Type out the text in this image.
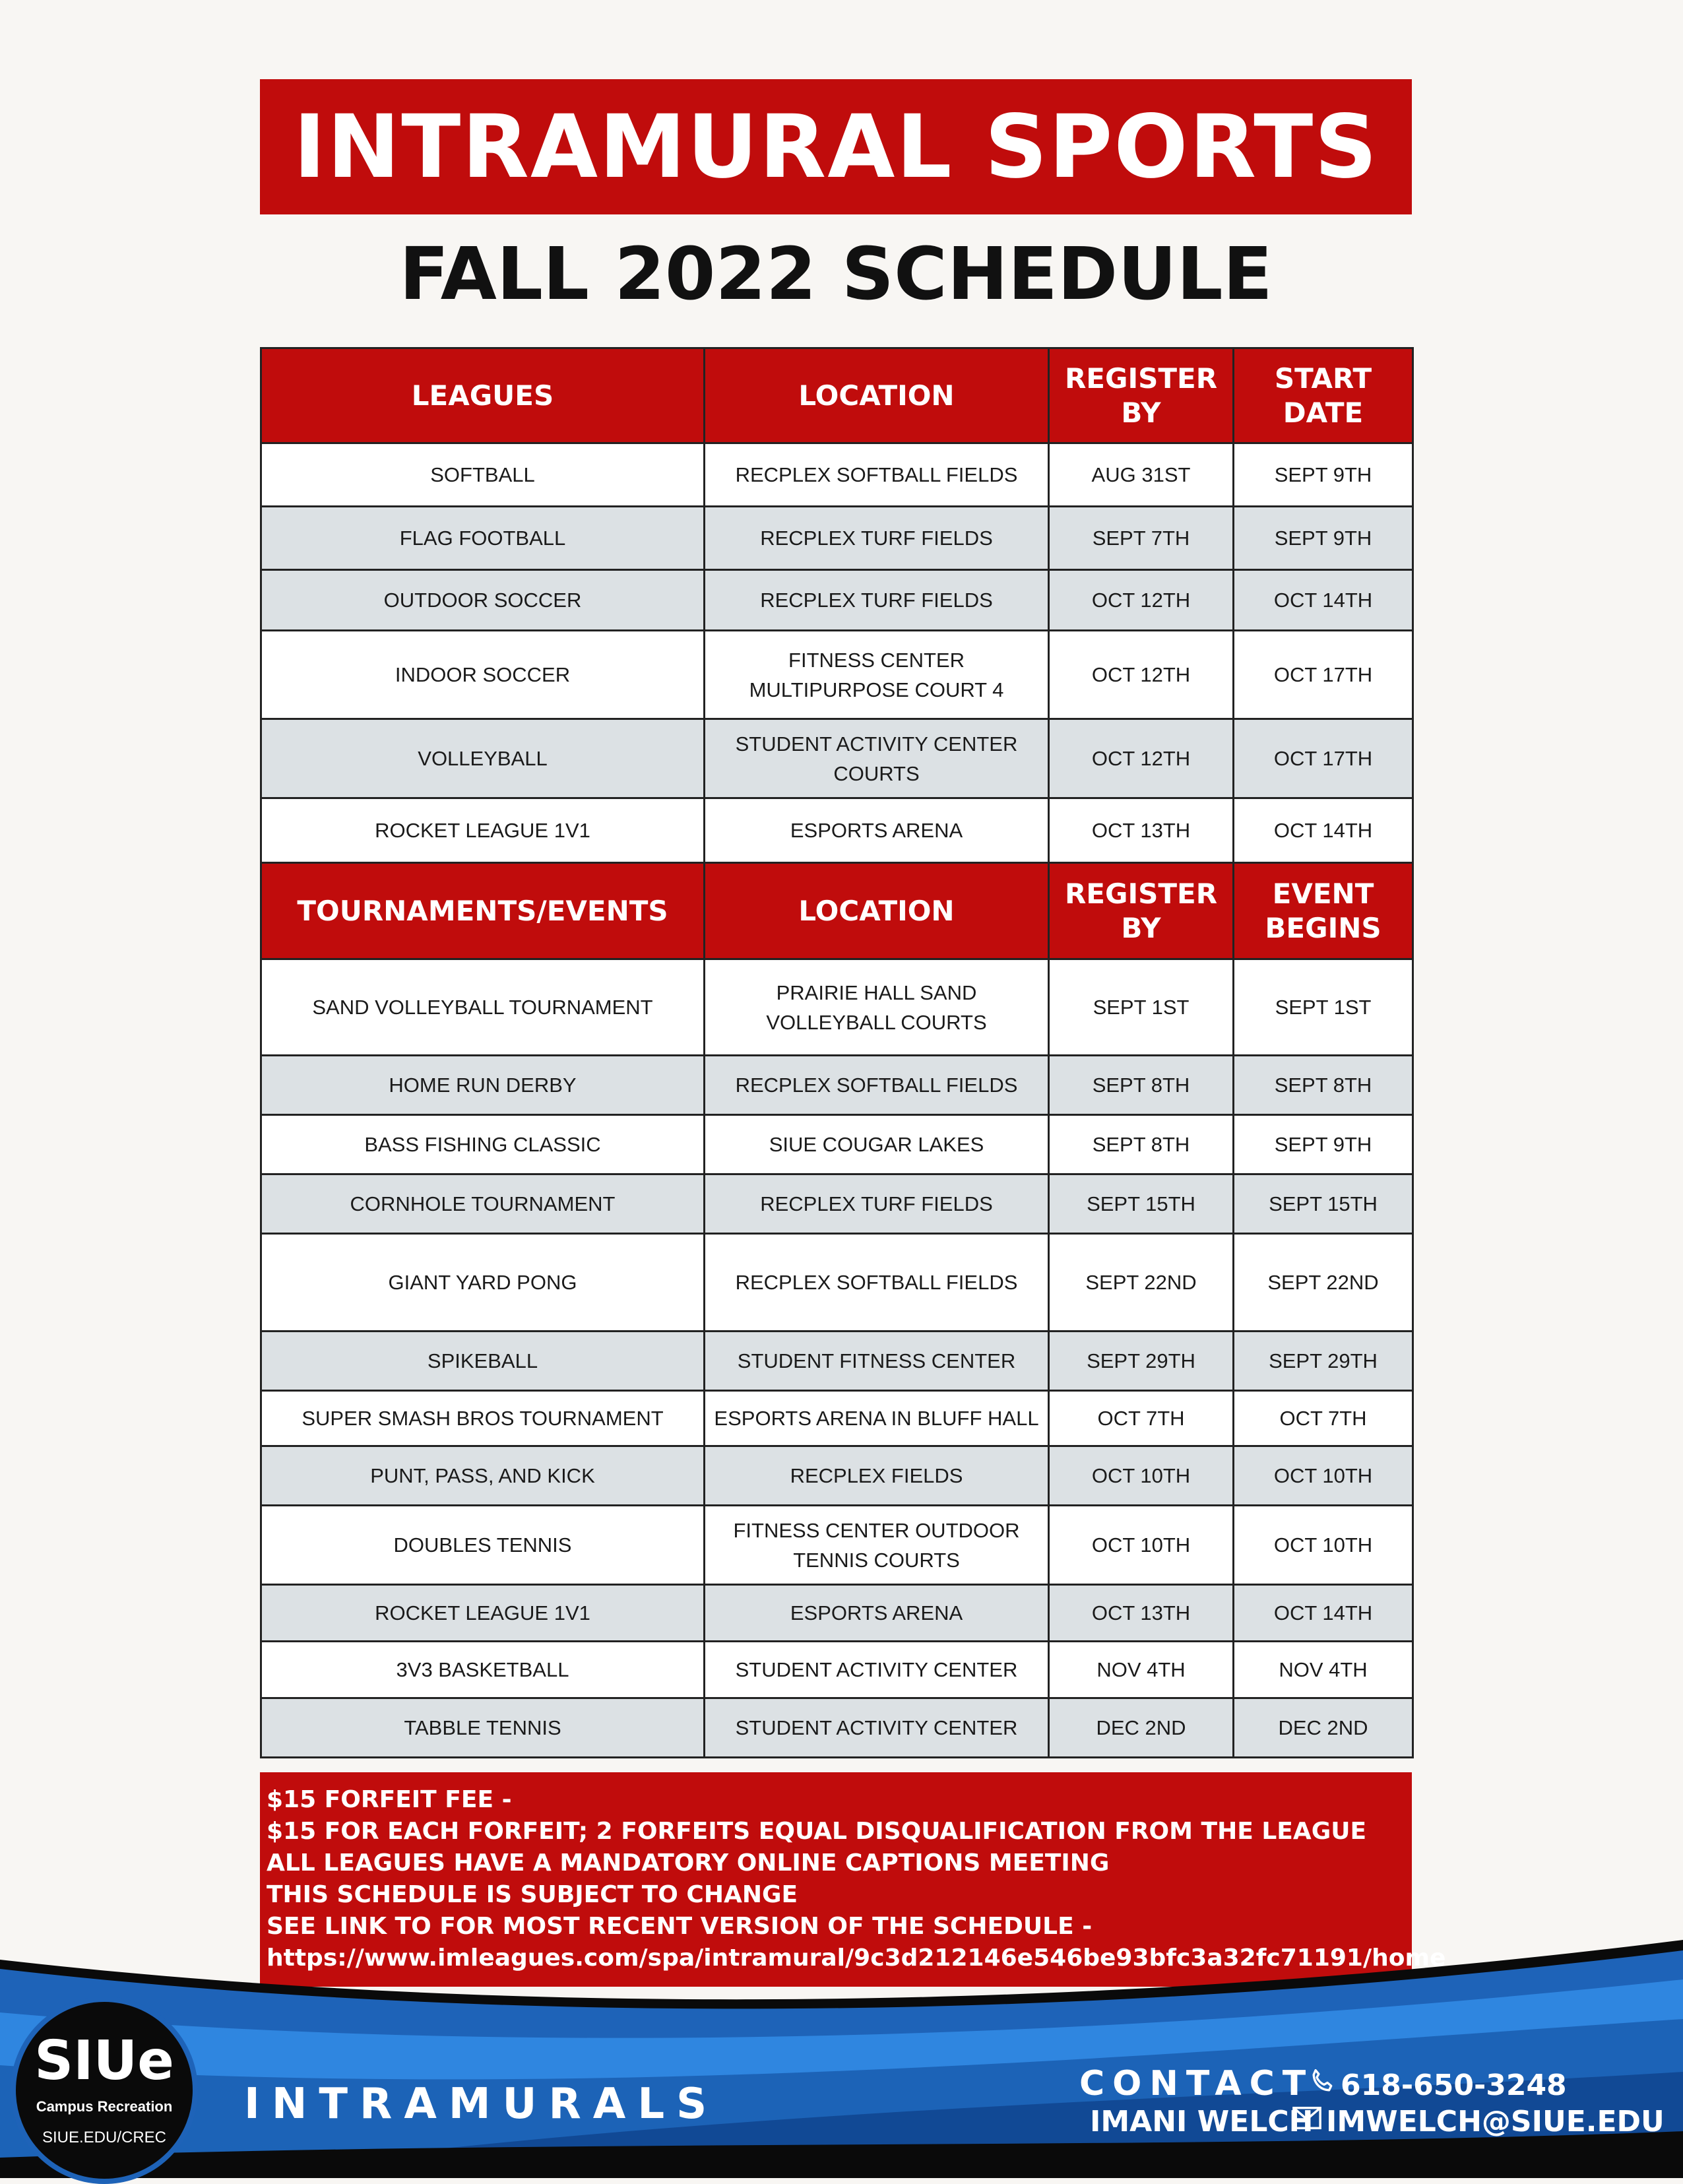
INTRAMURAL SPORTS
FALL 2022 SCHEDULE
LEAGUES	LOCATION	REGISTER BY	START DATE
SOFTBALL	RECPLEX SOFTBALL FIELDS	AUG 31ST	SEPT 9TH
FLAG FOOTBALL	RECPLEX TURF FIELDS	SEPT 7TH	SEPT 9TH
OUTDOOR SOCCER	RECPLEX TURF FIELDS	OCT 12TH	OCT 14TH
INDOOR SOCCER	FITNESS CENTER MULTIPURPOSE COURT 4	OCT 12TH	OCT 17TH
VOLLEYBALL	STUDENT ACTIVITY CENTER COURTS	OCT 12TH	OCT 17TH
ROCKET LEAGUE 1V1	ESPORTS ARENA	OCT 13TH	OCT 14TH
TOURNAMENTS/EVENTS	LOCATION	REGISTER BY	EVENT BEGINS
SAND VOLLEYBALL TOURNAMENT	PRAIRIE HALL SAND VOLLEYBALL COURTS	SEPT 1ST	SEPT 1ST
HOME RUN DERBY	RECPLEX SOFTBALL FIELDS	SEPT 8TH	SEPT 8TH
BASS FISHING CLASSIC	SIUE COUGAR LAKES	SEPT 8TH	SEPT 9TH
CORNHOLE TOURNAMENT	RECPLEX TURF FIELDS	SEPT 15TH	SEPT 15TH
GIANT YARD PONG	RECPLEX SOFTBALL FIELDS	SEPT 22ND	SEPT 22ND
SPIKEBALL	STUDENT FITNESS CENTER	SEPT 29TH	SEPT 29TH
SUPER SMASH BROS TOURNAMENT	ESPORTS ARENA IN BLUFF HALL	OCT 7TH	OCT 7TH
PUNT, PASS, AND KICK	RECPLEX FIELDS	OCT 10TH	OCT 10TH
DOUBLES TENNIS	FITNESS CENTER OUTDOOR TENNIS COURTS	OCT 10TH	OCT 10TH
ROCKET LEAGUE 1V1	ESPORTS ARENA	OCT 13TH	OCT 14TH
3V3 BASKETBALL	STUDENT ACTIVITY CENTER	NOV 4TH	NOV 4TH
TABBLE TENNIS	STUDENT ACTIVITY CENTER	DEC 2ND	DEC 2ND
$15 FORFEIT FEE -
$15 FOR EACH FORFEIT; 2 FORFEITS EQUAL DISQUALIFICATION FROM THE LEAGUE
ALL LEAGUES HAVE A MANDATORY ONLINE CAPTIONS MEETING
THIS SCHEDULE IS SUBJECT TO CHANGE
SEE LINK TO FOR MOST RECENT VERSION OF THE SCHEDULE -
https://www.imleagues.com/spa/intramural/9c3d212146e546be93bfc3a32fc71191/home
SIUe
Campus Recreation
SIUE.EDU/CREC
INTRAMURALS	CONTACT 618-650-3248
IMANI WELCH IMWELCH@SIUE.EDU
